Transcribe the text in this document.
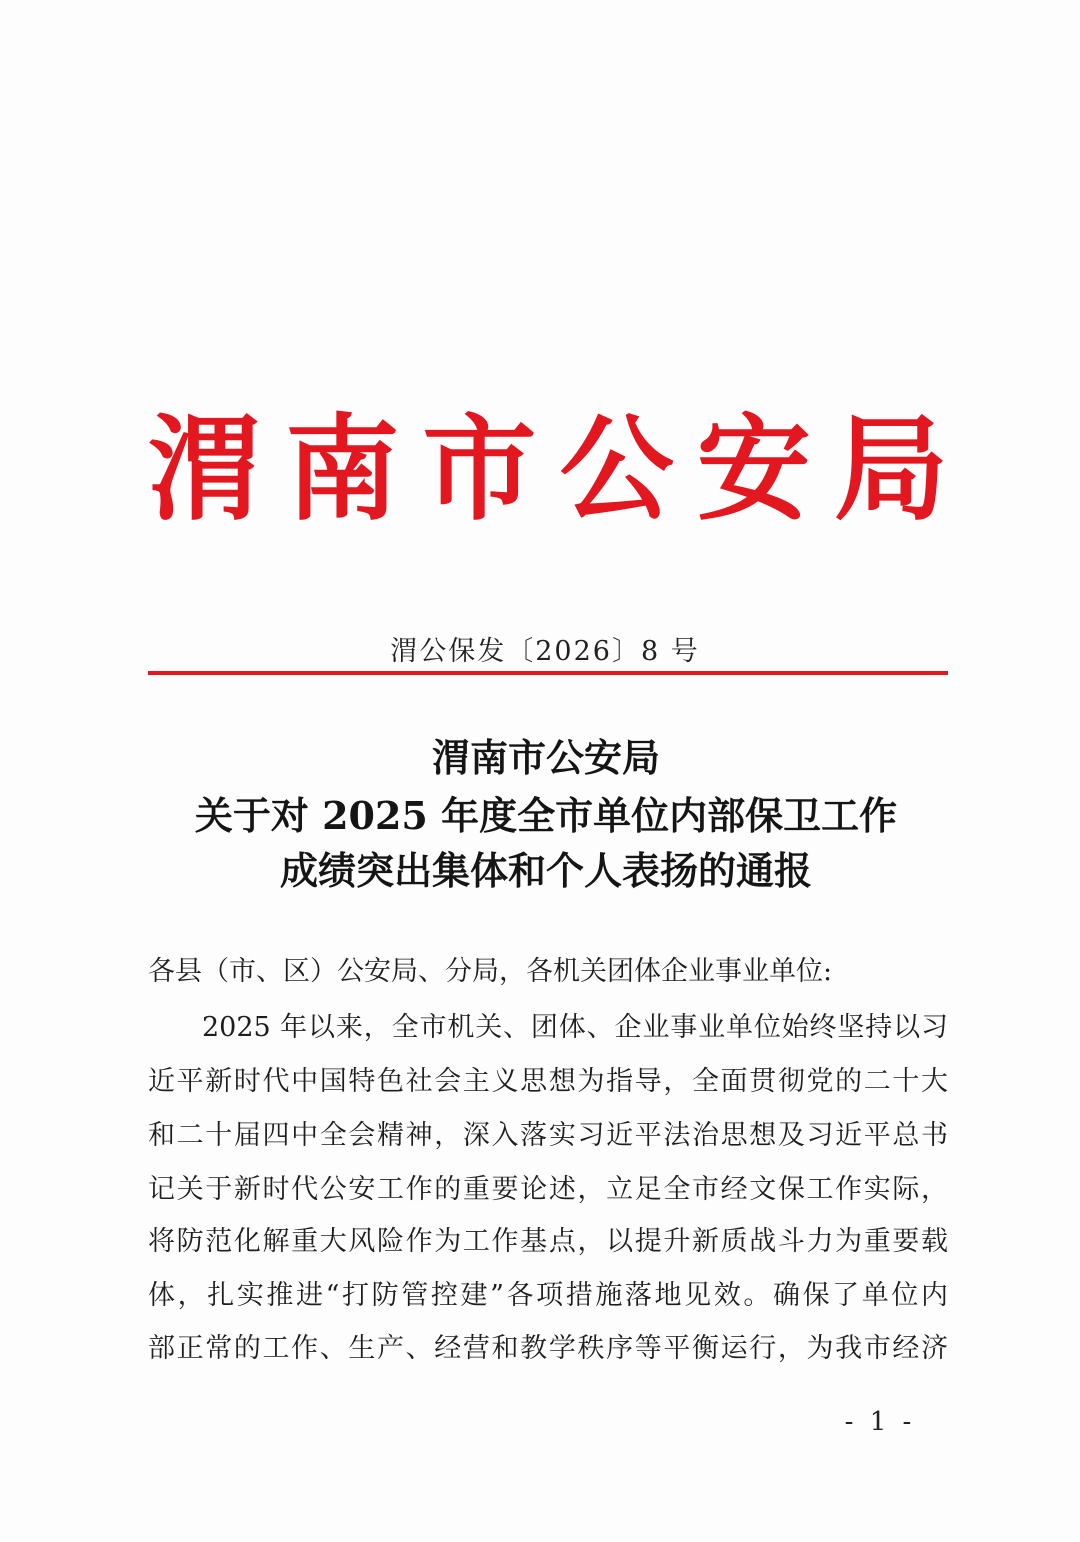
渭 南 市 公 安 局
渭公保发〔2026〕8 号
渭南市公安局
关于对 2025 年度全市单位内部保卫工作
成绩突出集体和个人表扬的通报

各县（市、区）公安局、分局，各机关团体企业事业单位:

2025 年以来，全市机关、团体、企业事业单位始终坚持以习

近平新时代中国特色社会主义思想为指导，全面贯彻党的二十大

和二十届四中全会精神，深入落实习近平法治思想及习近平总书

记关于新时代公安工作的重要论述，立足全市经文保工作实际，

将防范化解重大风险作为工作基点，以提升新质战斗力为重要载

体，扎实推进“打防管控建”各项措施落地见效。确保了单位内

部正常的工作、生产、经营和教学秩序等平衡运行，为我市经济

- 1 -
